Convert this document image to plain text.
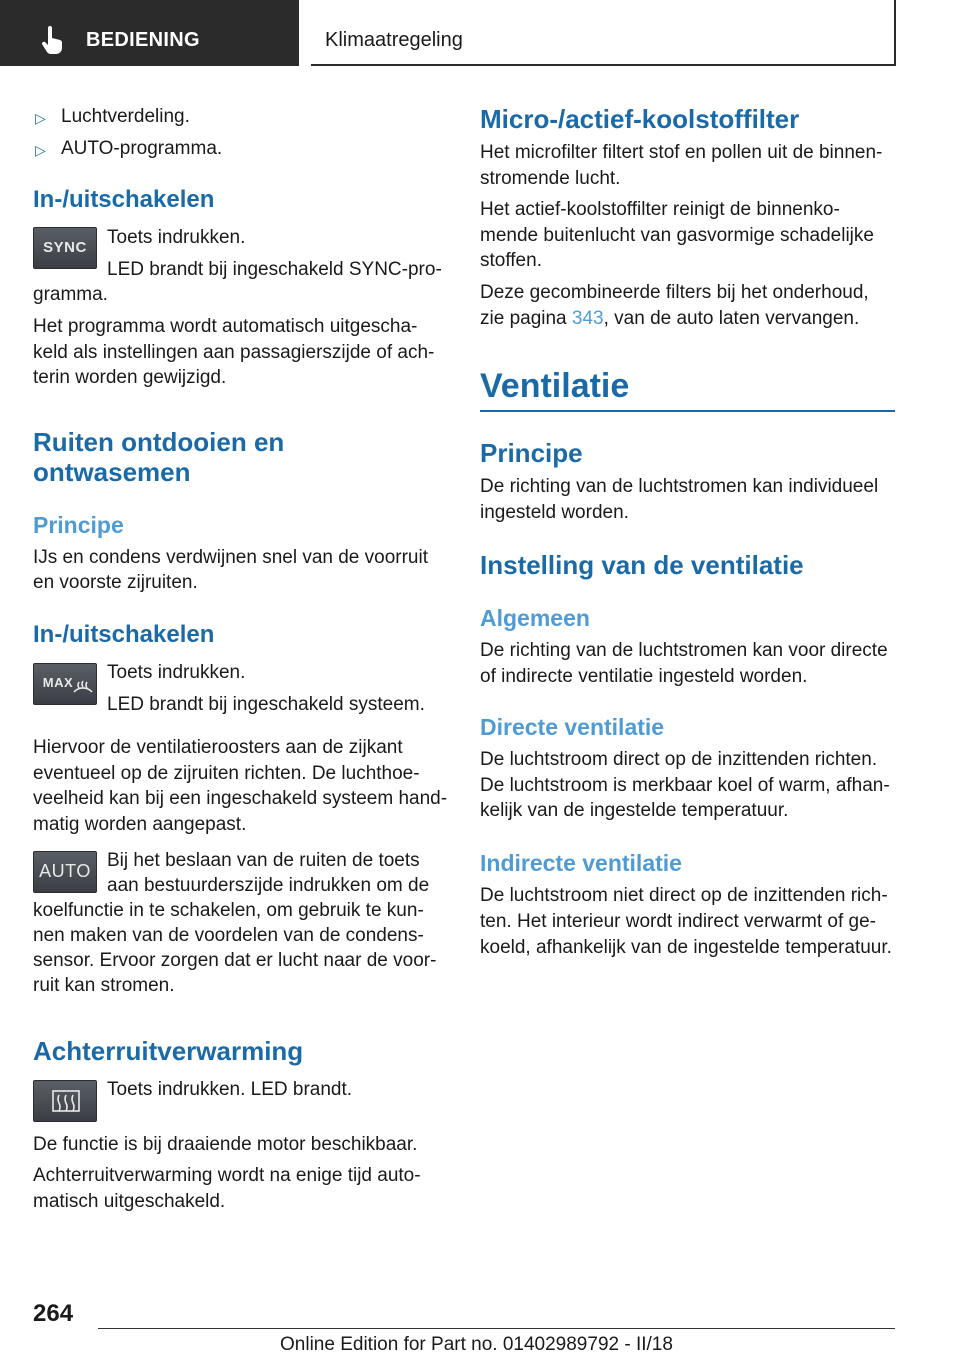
BEDIENING	Klimaatregeling
▷ Luchtverdeling.
▷ AUTO-programma.
In-/uitschakelen
SYNC	Toets indrukken.
LED brandt bij ingeschakeld SYNC-pro‐
gramma.
Het programma wordt automatisch uitgescha‐
keld als instellingen aan passagierszijde of ach‐
terin worden gewijzigd.
Ruiten ontdooien en
ontwasemen
Principe
IJs en condens verdwijnen snel van de voorruit
en voorste zijruiten.
In-/uitschakelen
MAX	Toets indrukken.
LED brandt bij ingeschakeld systeem.
Hiervoor de ventilatieroosters aan de zijkant
eventueel op de zijruiten richten. De luchthoe‐
veelheid kan bij een ingeschakeld systeem hand‐
matig worden aangepast.
AUTO Bij het beslaan van de ruiten de toets
aan bestuurderszijde indrukken om de
koelfunctie in te schakelen, om gebruik te kun‐
nen maken van de voordelen van de condens‐
sensor. Ervoor zorgen dat er lucht naar de voor‐
ruit kan stromen.
Achterruitverwarming
Toets indrukken. LED brandt.
De functie is bij draaiende motor beschikbaar.
Achterruitverwarming wordt na enige tijd auto‐
matisch uitgeschakeld.
Micro-/actief-koolstoffilter
Het microfilter filtert stof en pollen uit de binnen‐
stromende lucht.
Het actief-koolstoffilter reinigt de binnenko‐
mende buitenlucht van gasvormige schadelijke
stoffen.
Deze gecombineerde filters bij het onderhoud,
zie pagina 343, van de auto laten vervangen.
Ventilatie
Principe
De richting van de luchtstromen kan individueel
ingesteld worden.
Instelling van de ventilatie
Algemeen
De richting van de luchtstromen kan voor directe
of indirecte ventilatie ingesteld worden.
Directe ventilatie
De luchtstroom direct op de inzittenden richten.
De luchtstroom is merkbaar koel of warm, afhan‐
kelijk van de ingestelde temperatuur.
Indirecte ventilatie
De luchtstroom niet direct op de inzittenden rich‐
ten. Het interieur wordt indirect verwarmt of ge‐
koeld, afhankelijk van de ingestelde temperatuur.
264
Online Edition for Part no. 01402989792 - II/18
